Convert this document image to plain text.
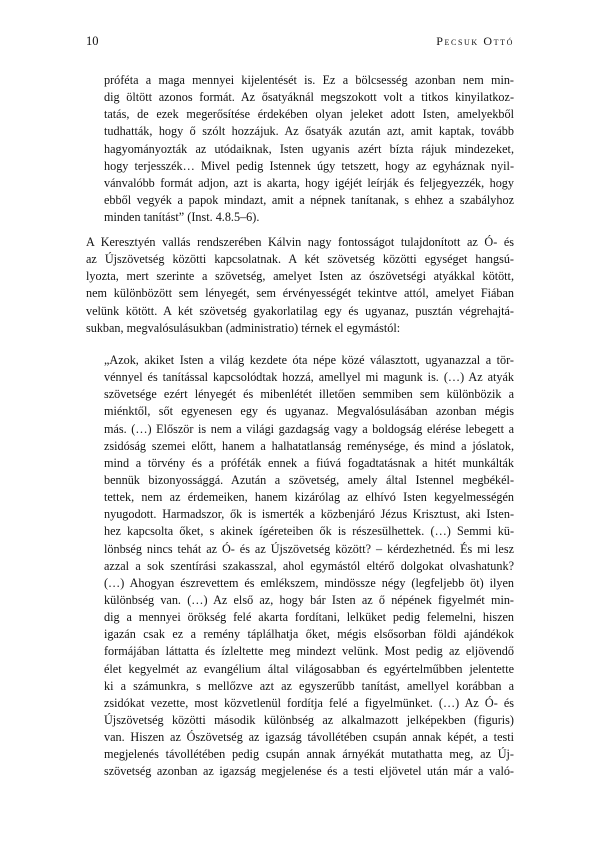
10	Pecsuk Ottó
prófétа a maga mennyei kijelentését is. Ez a bölcsesség azonban nem min-
dig öltött azonos formát. Az ősatyáknál megszokott volt a titkos kinyilatkoz-
tatás, de ezek megerősítése érdekében olyan jeleket adott Isten, amelyekből
tudhatták, hogy ő szólt hozzájuk. Az ősatyák azután azt, amit kaptak, tovább
hagyományozták az utódaiknak, Isten ugyanis azért bízta rájuk mindezeket,
hogy terjesszék… Mivel pedig Istennek úgy tetszett, hogy az egyháznak nyil-
vánvalóbb formát adjon, azt is akarta, hogy igéjét leírják és feljegyezzék, hogy
ebből vegyék a papok mindazt, amit a népnek tanítanak, s ehhez a szabályhoz
minden tanítást” (Inst. 4.8.5–6).
A Keresztyén vallás rendszerében Kálvin nagy fontosságot tulajdonított az Ó- és
az Újszövetség közötti kapcsolatnak. A két szövetség közötti egységet hangsú-
lyozta, mert szerinte a szövetség, amelyet Isten az ószövetségi atyákkal kötött,
nem különbözött sem lényegét, sem érvényességét tekintve attól, amelyet Fiában
velünk kötött. A két szövetség gyakorlatilag egy és ugyanaz, pusztán végrehajtá-
sukban, megvalósulásukban (administratio) térnek el egymástól:
„Azok, akiket Isten a világ kezdete óta népe közé választott, ugyanazzal a tör-
vénnyel és tanítással kapcsolódtak hozzá, amellyel mi magunk is. (…) Az atyák
szövetsége ezért lényegét és mibenlétét illetően semmiben sem különbözik a
miénktől, sőt egyenesen egy és ugyanaz. Megvalósulásában azonban mégis
más. (…) Először is nem a világi gazdagság vagy a boldogság elérése lebegett a
zsidóság szemei előtt, hanem a halhatatlanság reménysége, és mind a jóslatok,
mind a törvény és a próféták ennek a fiúvá fogadtatásnak a hitét munkálták
bennük bizonyossággá. Azután a szövetség, amely által Istennel megbékél-
tettek, nem az érdemeiken, hanem kizárólag az elhívó Isten kegyelmességén
nyugodott. Harmadszor, ők is ismerték a közbenjáró Jézus Krisztust, aki Isten-
hez kapcsolta őket, s akinek ígéreteiben ők is részesülhettek. (…) Semmi kü-
lönbség nincs tehát az Ó- és az Újszövetség között? – kérdezhetnéd. És mi lesz
azzal a sok szentírási szakasszal, ahol egymástól eltérő dolgokat olvashatunk?
(…) Ahogyan észrevettem és emlékszem, mindössze négy (legfeljebb öt) ilyen
különbség van. (…) Az első az, hogy bár Isten az ő népének figyelmét min-
dig a mennyei örökség felé akarta fordítani, lelküket pedig felemelni, hiszen
igazán csak ez a remény táplálhatja őket, mégis elsősorban földi ajándékok
formájában láttatta és ízleltette meg mindezt velünk. Most pedig az eljövendő
élet kegyelmét az evangélium által világosabban és egyértelműbben jelentette
ki a számunkra, s mellőzve azt az egyszerűbb tanítást, amellyel korábban a
zsidókat vezette, most közvetlenül fordítja felé a figyelmünket. (…) Az Ó- és
Újszövetség közötti második különbség az alkalmazott jelképekben (figuris)
van. Hiszen az Ószövetség az igazság távollétében csupán annak képét, a testi
megjelenés távollétében pedig csupán annak árnyékát mutathatta meg, az Új-
szövetség azonban az igazság megjelenése és a testi eljövetel után már a való-
